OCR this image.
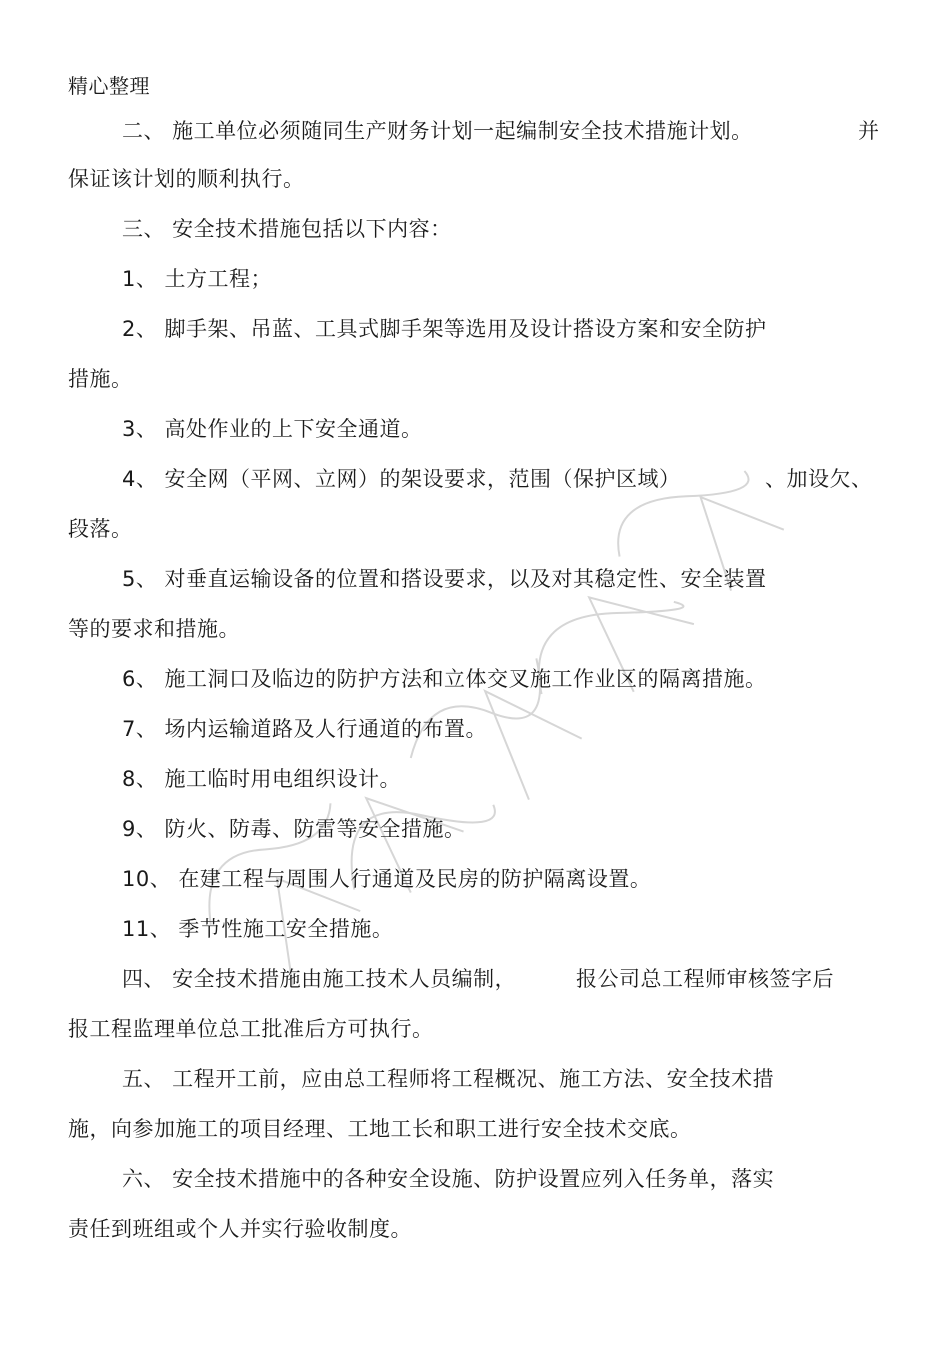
精心整理
二、 施工单位必须随同生产财务计划一起编制安全技术措施计划。	并
保证该计划的顺利执行。
三、 安全技术措施包括以下内容：
1、 土方工程；
2、 脚手架、吊蓝、工具式脚手架等选用及设计搭设方案和安全防护
措施。
3、 高处作业的上下安全通道。
4、 安全网（平网、立网）的架设要求，范围（保护区域）	、加设欠、
段落。
5、 对垂直运输设备的位置和搭设要求，以及对其稳定性、安全装置
等的要求和措施。
6、 施工洞口及临边的防护方法和立体交叉施工作业区的隔离措施。
7、 场内运输道路及人行通道的布置。
8、 施工临时用电组织设计。
9、 防火、防毒、防雷等安全措施。
10、 在建工程与周围人行通道及民房的防护隔离设置。
11、 季节性施工安全措施。
四、 安全技术措施由施工技术人员编制，	报公司总工程师审核签字后
报工程监理单位总工批准后方可执行。
五、 工程开工前，应由总工程师将工程概况、施工方法、安全技术措
施，向参加施工的项目经理、工地工长和职工进行安全技术交底。
六、 安全技术措施中的各种安全设施、防护设置应列入任务单，落实
责任到班组或个人并实行验收制度。
